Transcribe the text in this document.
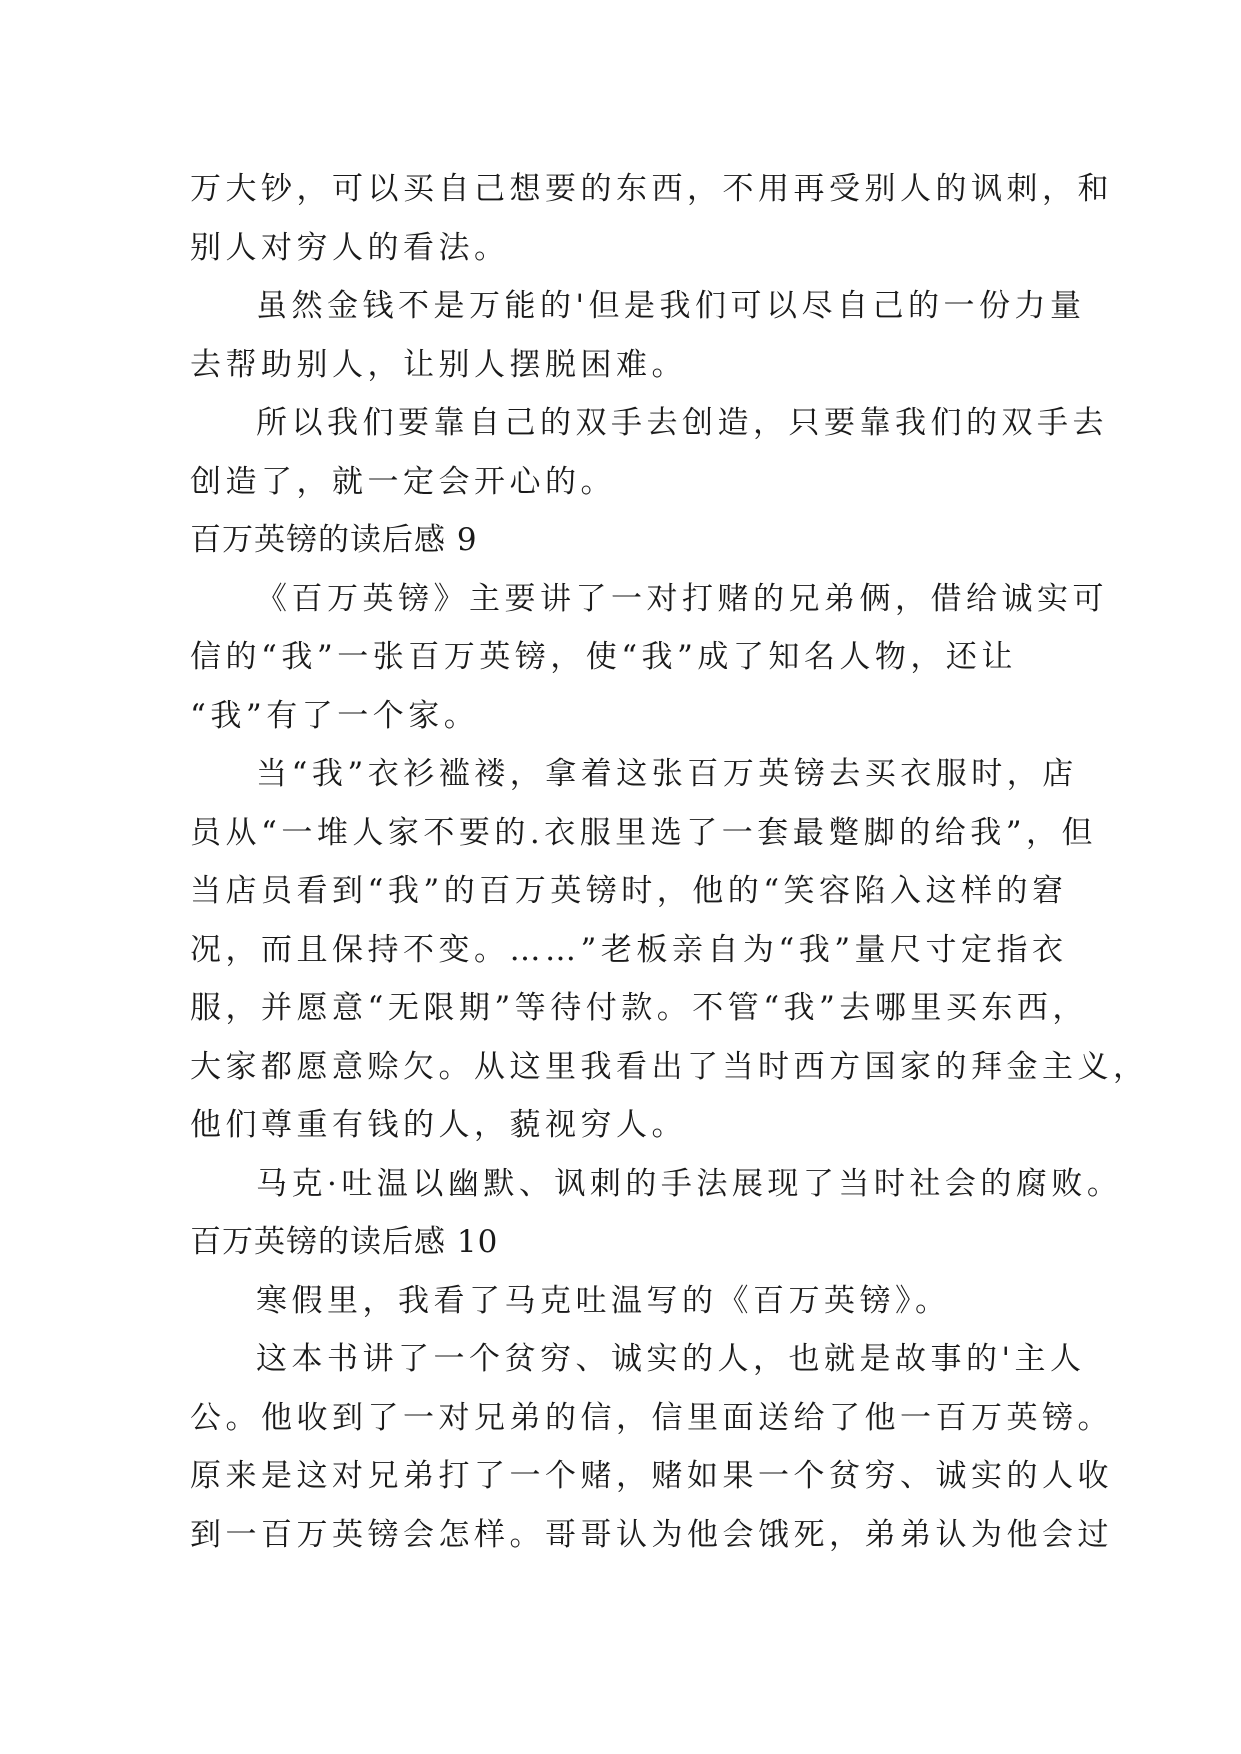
万大钞，可以买自己想要的东西，不用再受别人的讽刺，和
别人对穷人的看法。
虽然金钱不是万能的'但是我们可以尽自己的一份力量
去帮助别人，让别人摆脱困难。
所以我们要靠自己的双手去创造，只要靠我们的双手去
创造了，就一定会开心的。
百万英镑的读后感 9
《百万英镑》主要讲了一对打赌的兄弟俩，借给诚实可
信的“我”一张百万英镑，使“我”成了知名人物，还让
“我”有了一个家。
当“我”衣衫褴褛，拿着这张百万英镑去买衣服时，店
员从“一堆人家不要的.衣服里选了一套最蹩脚的给我”，但
当店员看到“我”的百万英镑时，他的“笑容陷入这样的窘
况，而且保持不变。……”老板亲自为“我”量尺寸定指衣
服，并愿意“无限期”等待付款。不管“我”去哪里买东西，
大家都愿意赊欠。从这里我看出了当时西方国家的拜金主义，
他们尊重有钱的人，藐视穷人。
马克·吐温以幽默、讽刺的手法展现了当时社会的腐败。
百万英镑的读后感 10
寒假里，我看了马克吐温写的《百万英镑》。
这本书讲了一个贫穷、诚实的人，也就是故事的'主人
公。他收到了一对兄弟的信，信里面送给了他一百万英镑。
原来是这对兄弟打了一个赌，赌如果一个贫穷、诚实的人收
到一百万英镑会怎样。哥哥认为他会饿死，弟弟认为他会过
